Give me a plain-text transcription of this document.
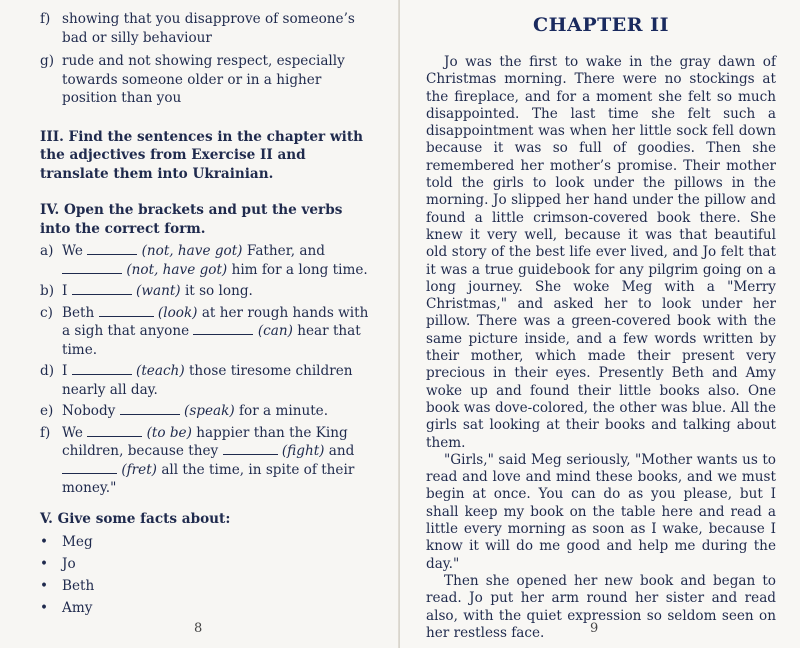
f) showing that you disapprove of someone’s bad or silly behaviour
g) rude and not showing respect, especially towards someone older or in a higher position than you
III. Find the sentences in the chapter with the adjectives from Exercise II and translate them into Ukrainian.
IV. Open the brackets and put the verbs into the correct form.
a) We	(not, have got) Father, and  (not, have got) him for a long time.
b) I	(want) it so long.
c) Beth	(look) at her rough hands with a sigh that anyone	(can) hear that time.
d) I	(teach) those tiresome children nearly all day.
e) Nobody	(speak) for a minute.
f) We	(to be) happier than the King children, because they	(fight) and  (fret) all the time, in spite of their money."
V. Give some facts about:
• Meg
• Jo
• Beth
• Amy
8
CHAPTER II

Jo was the first to wake in the gray dawn of Christmas morning. There were no stockings at the fireplace, and for a moment she felt so much disappointed. The last time she felt such a disappointment was when her little sock fell down because it was so full of goodies. Then she remembered her mother’s promise. Their mother told the girls to look under the pillows in the morning. Jo slipped her hand under the pillow and found a little crimson-covered book there. She knew it very well, because it was that beautiful old story of the best life ever lived, and Jo felt that it was a true guidebook for any pilgrim going on a long journey. She woke Meg with a "Merry Christmas," and asked her to look under her pillow. There was a green-covered book with the same picture inside, and a few words written by their mother, which made their present very precious in their eyes. Presently Beth and Amy woke up and found their little books also. One book was dove-colored, the other was blue. All the girls sat looking at their books and talking about them.

"Girls," said Meg seriously, "Mother wants us to read and love and mind these books, and we must begin at once. You can do as you please, but I shall keep my book on the table here and read a little every morning as soon as I wake, because I know it will do me good and help me during the day."

Then she opened her new book and began to read. Jo put her arm round her sister and read also, with the quiet expression so seldom seen on her restless face.	9
